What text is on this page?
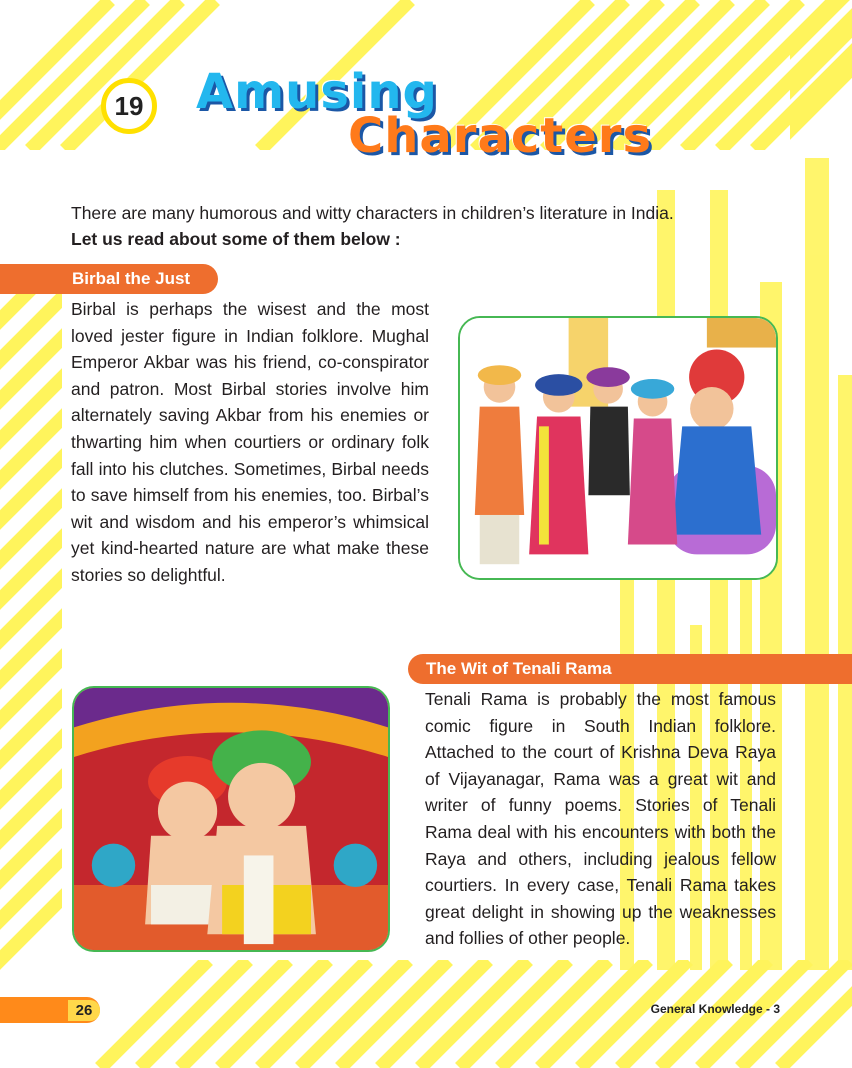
19 Amusing
Characters

There are many humorous and witty characters in children’s literature in India.

Let us read about some of them below :

Birbal the Just

Birbal is perhaps the wisest and the most loved jester figure in Indian folklore. Mughal Emperor Akbar was his friend, co-conspirator and patron. Most Birbal stories involve him alternately saving Akbar from his enemies or thwarting him when courtiers or ordinary folk fall into his clutches. Sometimes, Birbal needs to save himself from his enemies, too. Birbal’s wit and wisdom and his emperor’s whimsical yet kind-hearted nature are what make these stories so delightful.

The Wit of Tenali Rama

Tenali Rama is probably the most famous comic figure in South Indian folklore. Attached to the court of Krishna Deva Raya of Vijayanagar, Rama was a great wit and writer of funny poems. Stories of Tenali Rama deal with his encounters with both the Raya and others, including jealous fellow courtiers. In every case, Tenali Rama takes great delight in showing up the weaknesses and follies of other people.

26	General Knowledge - 3
